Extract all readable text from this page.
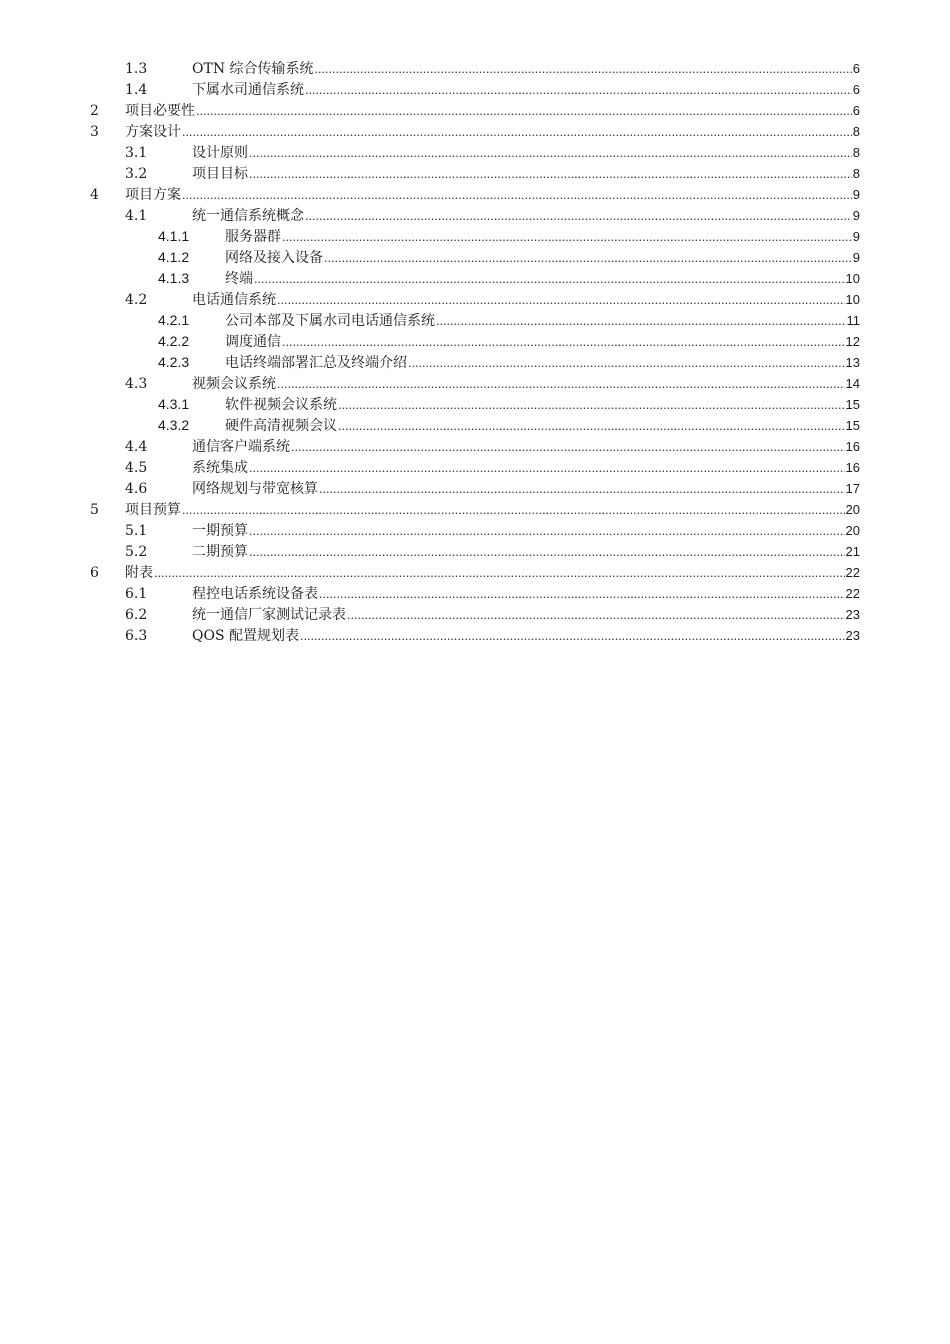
1.3	OTN 综合传输系统 .....	6
1.4	下属水司通信系统 .....	6
2	项目必要性 .....	6
3	方案设计 .....	8
3.1	设计原则 .....	8
3.2	项目目标 .....	8
4	项目方案 .....	9
4.1	统一通信系统概念 .....	9
4.1.1	服务器群 .....	9
4.1.2	网络及接入设备 .....	9
4.1.3	终端 .....	10
4.2	电话通信系统 .....	10
4.2.1	公司本部及下属水司电话通信系统 .....	11
4.2.2	调度通信 .....	12
4.2.3	电话终端部署汇总及终端介绍 .....	13
4.3	视频会议系统 .....	14
4.3.1	软件视频会议系统 .....	15
4.3.2	硬件高清视频会议 .....	15
4.4	通信客户端系统 .....	16
4.5	系统集成 .....	16
4.6	网络规划与带宽核算 .....	17
5	项目预算 .....	20
5.1	一期预算 .....	20
5.2	二期预算 .....	21
6	附表 .....	22
6.1	程控电话系统设备表 .....	22
6.2	统一通信厂家测试记录表 .....	23
6.3	QOS 配置规划表 .....	23
